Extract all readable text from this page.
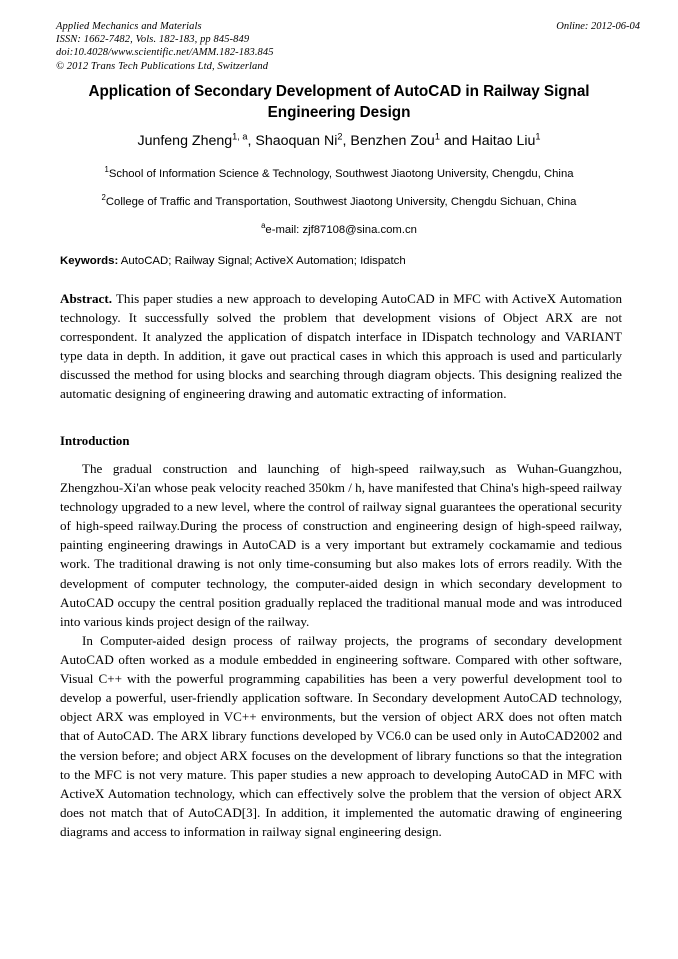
Applied Mechanics and Materials
ISSN: 1662-7482, Vols. 182-183, pp 845-849
doi:10.4028/www.scientific.net/AMM.182-183.845
© 2012 Trans Tech Publications Ltd, Switzerland
Online: 2012-06-04
Application of Secondary Development of AutoCAD in Railway Signal Engineering Design
Junfeng Zheng$^{1, a}$, Shaoquan Ni$^2$, Benzhen Zou$^1$ and Haitao Liu$^1$
$^1$School of Information Science & Technology, Southwest Jiaotong University, Chengdu, China
$^2$College of Traffic and Transportation, Southwest Jiaotong University, Chengdu Sichuan, China
$^a$e-mail: zjf87108@sina.com.cn
Keywords: AutoCAD; Railway Signal; ActiveX Automation; Idispatch
Abstract. This paper studies a new approach to developing AutoCAD in MFC with ActiveX Automation technology. It successfully solved the problem that development visions of Object ARX are not correspondent. It analyzed the application of dispatch interface in IDispatch technology and VARIANT type data in depth. In addition, it gave out practical cases in which this approach is used and particularly discussed the method for using blocks and searching through diagram objects. This designing realized the automatic designing of engineering drawing and automatic extracting of information.
Introduction
The gradual construction and launching of high-speed railway,such as Wuhan-Guangzhou, Zhengzhou-Xi'an whose peak velocity reached 350km / h, have manifested that China's high-speed railway technology upgraded to a new level, where the control of railway signal guarantees the operational security of high-speed railway.During the process of construction and engineering design of high-speed railway, painting engineering drawings in AutoCAD is a very important but extramely cockamamie and tedious work. The traditional drawing is not only time-consuming but also makes lots of errors readily. With the development of computer technology, the computer-aided design in which secondary development to AutoCAD occupy the central position gradually replaced the traditional manual mode and was introduced into various kinds project design of the railway.
In Computer-aided design process of railway projects, the programs of secondary development AutoCAD often worked as a module embedded in engineering software. Compared with other software, Visual C++ with the powerful programming capabilities has been a very powerful development tool to develop a powerful, user-friendly application software. In Secondary development AutoCAD technology, object ARX was employed in VC++ environments, but the version of object ARX does not often match that of AutoCAD. The ARX library functions developed by VC6.0 can be used only in AutoCAD2002 and the version before; and object ARX focuses on the development of library functions so that the integration to the MFC is not very mature. This paper studies a new approach to developing AutoCAD in MFC with ActiveX Automation technology, which can effectively solve the problem that the version of object ARX does not match that of AutoCAD[3]. In addition, it implemented the automatic drawing of engineering diagrams and access to information in railway signal engineering design.
